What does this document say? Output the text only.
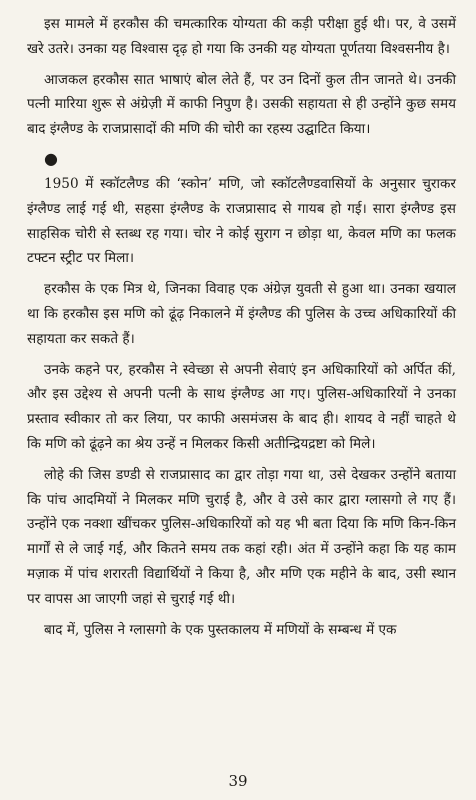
इस मामले में हरकौस की चमत्कारिक योग्यता की कड़ी परीक्षा हुई थी। पर, वे उसमें खरे उतरे। उनका यह विश्वास दृढ़ हो गया कि उनकी यह योग्यता पूर्णतया विश्वसनीय है।

आजकल हरकौस सात भाषाएं बोल लेते हैं, पर उन दिनों कुल तीन जानते थे। उनकी पत्नी मारिया शुरू से अंग्रेज़ी में काफी निपुण है। उसकी सहायता से ही उन्होंने कुछ समय बाद इंग्लैण्ड के राजप्रासादों की मणि की चोरी का रहस्य उद्घाटित किया।

●

1950 में स्कॉटलैण्ड की ‘स्कोन’ मणि, जो स्कॉटलैण्डवासियों के अनुसार चुराकर इंग्लैण्ड लाई गई थी, सहसा इंग्लैण्ड के राजप्रासाद से गायब हो गई। सारा इंग्लैण्ड इस साहसिक चोरी से स्तब्ध रह गया। चोर ने कोई सुराग न छोड़ा था, केवल मणि का फलक टफ्टन स्ट्रीट पर मिला।

हरकौस के एक मित्र थे, जिनका विवाह एक अंग्रेज़ युवती से हुआ था। उनका खयाल था कि हरकौस इस मणि को ढूंढ़ निकालने में इंग्लैण्ड की पुलिस के उच्च अधिकारियों की सहायता कर सकते हैं।

उनके कहने पर, हरकौस ने स्वेच्छा से अपनी सेवाएं इन अधिकारियों को अर्पित कीं, और इस उद्देश्य से अपनी पत्नी के साथ इंग्लैण्ड आ गए। पुलिस-अधिकारियों ने उनका प्रस्ताव स्वीकार तो कर लिया, पर काफी असमंजस के बाद ही। शायद वे नहीं चाहते थे कि मणि को ढूंढ़ने का श्रेय उन्हें न मिलकर किसी अतीन्द्रियद्रष्टा को मिले।

लोहे की जिस डण्डी से राजप्रासाद का द्वार तोड़ा गया था, उसे देखकर उन्होंने बताया कि पांच आदमियों ने मिलकर मणि चुराई है, और वे उसे कार द्वारा ग्लासगो ले गए हैं। उन्होंने एक नक्शा खींचकर पुलिस-अधिकारियों को यह भी बता दिया कि मणि किन-किन मार्गों से ले जाई गई, और कितने समय तक कहां रही। अंत में उन्होंने कहा कि यह काम मज़ाक में पांच शरारती विद्यार्थियों ने किया है, और मणि एक महीने के बाद, उसी स्थान पर वापस आ जाएगी जहां से चुराई गई थी।

बाद में, पुलिस ने ग्लासगो के एक पुस्तकालय में मणियों के सम्बन्ध में एक

39
